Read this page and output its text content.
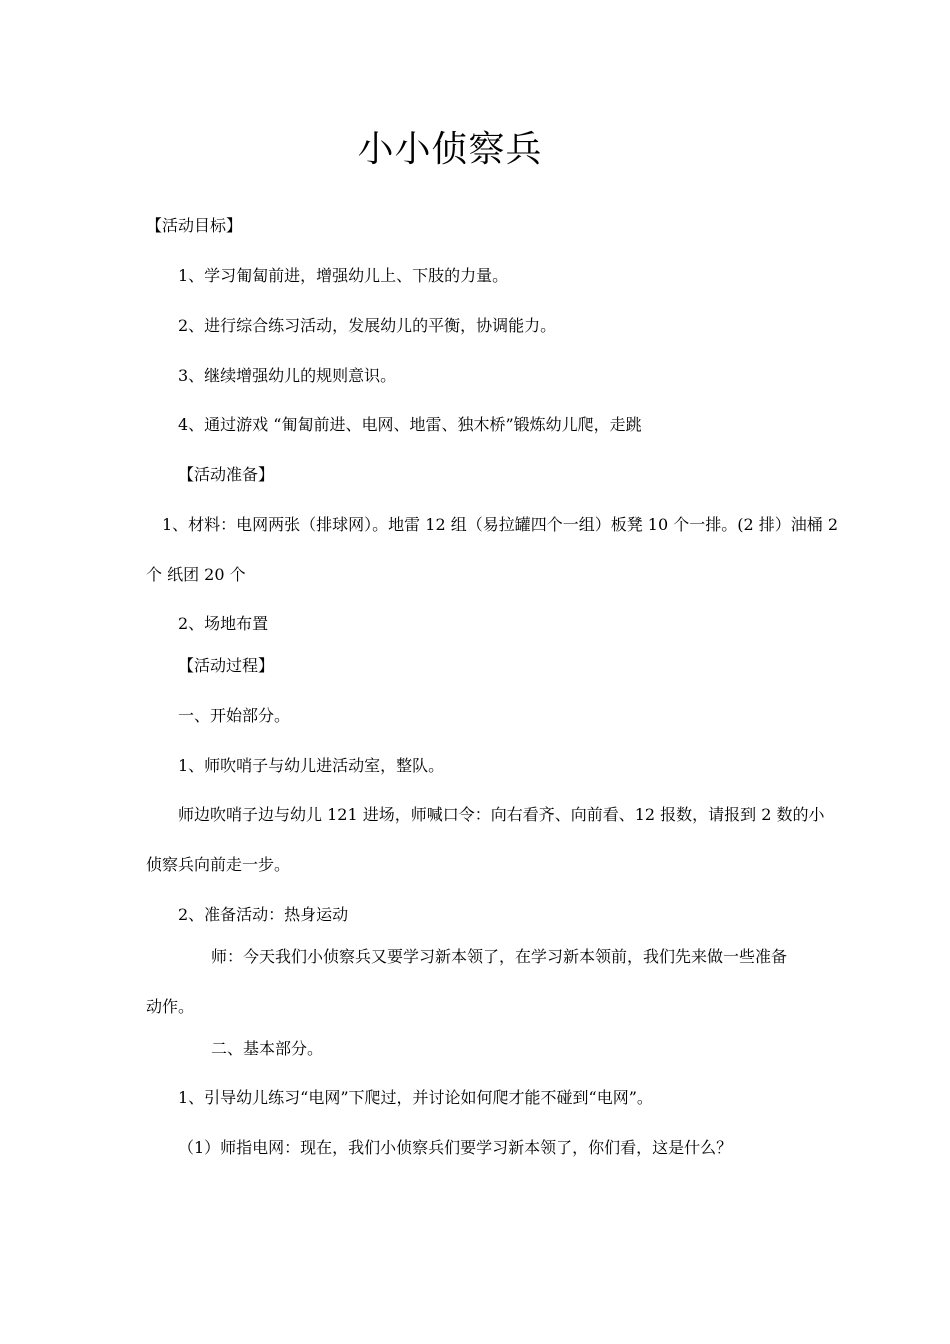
小小侦察兵
【活动目标】
1、学习匍匐前进，增强幼儿上、下肢的力量。
2、进行综合练习活动，发展幼儿的平衡，协调能力。
3、继续增强幼儿的规则意识。
4、通过游戏 “匍匐前进、电网、地雷、独木桥”锻炼幼儿爬，走跳
【活动准备】
1、材料：电网两张（排球网）。地雷 12 组（易拉罐四个一组）板凳 10 个一排。(2 排）油桶 2
个 纸团 20 个
2、场地布置
【活动过程】
一、开始部分。
1、师吹哨子与幼儿进活动室，整队。
师边吹哨子边与幼儿 121 进场，师喊口令：向右看齐、向前看、12 报数，请报到 2 数的小
侦察兵向前走一步。
2、准备活动：热身运动
师：今天我们小侦察兵又要学习新本领了，在学习新本领前，我们先来做一些准备
动作。
二、基本部分。
1、引导幼儿练习“电网”下爬过，并讨论如何爬才能不碰到“电网”。
（1）师指电网：现在，我们小侦察兵们要学习新本领了，你们看，这是什么？
